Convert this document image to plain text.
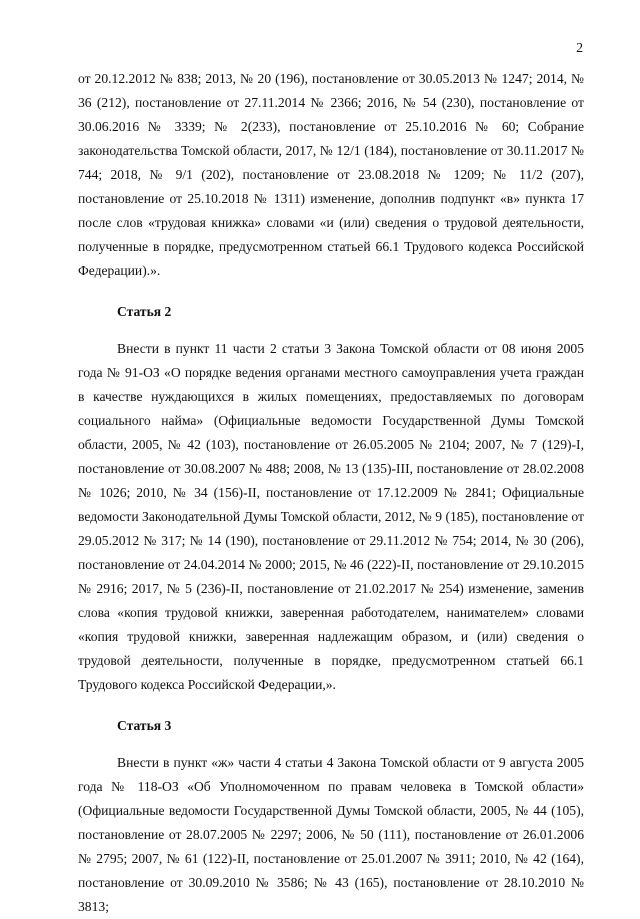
2

от 20.12.2012 № 838; 2013, № 20 (196), постановление от 30.05.2013 № 1247; 2014, № 36 (212), постановление от 27.11.2014 № 2366; 2016, № 54 (230), постановление от 30.06.2016 № 3339; № 2(233), постановление от 25.10.2016 № 60; Собрание законодательства Томской области, 2017, № 12/1 (184), постановление от 30.11.2017 № 744; 2018, № 9/1 (202), постановление от 23.08.2018 № 1209; № 11/2 (207), постановление от 25.10.2018 № 1311) изменение, дополнив подпункт «в» пункта 17 после слов «трудовая книжка» словами «и (или) сведения о трудовой деятельности, полученные в порядке, предусмотренном статьей 66.1 Трудового кодекса Российской Федерации).».

Статья 2

Внести в пункт 11 части 2 статьи 3 Закона Томской области от 08 июня 2005 года № 91-ОЗ «О порядке ведения органами местного самоуправления учета граждан в качестве нуждающихся в жилых помещениях, предоставляемых по договорам социального найма» (Официальные ведомости Государственной Думы Томской области, 2005, № 42 (103), постановление от 26.05.2005 № 2104; 2007, № 7 (129)-I, постановление от 30.08.2007 № 488; 2008, № 13 (135)-III, постановление от 28.02.2008 № 1026; 2010, № 34 (156)-II, постановление от 17.12.2009 № 2841; Официальные ведомости Законодательной Думы Томской области, 2012, № 9 (185), постановление от 29.05.2012 № 317; № 14 (190), постановление от 29.11.2012 № 754; 2014, № 30 (206), постановление от 24.04.2014 № 2000; 2015, № 46 (222)-II, постановление от 29.10.2015 № 2916; 2017, № 5 (236)-II, постановление от 21.02.2017 № 254) изменение, заменив слова «копия трудовой книжки, заверенная работодателем, нанимателем» словами «копия трудовой книжки, заверенная надлежащим образом, и (или) сведения о трудовой деятельности, полученные в порядке, предусмотренном статьей 66.1 Трудового кодекса Российской Федерации,».

Статья 3

Внести в пункт «ж» части 4 статьи 4 Закона Томской области от 9 августа 2005 года № 118-ОЗ «Об Уполномоченном по правам человека в Томской области» (Официальные ведомости Государственной Думы Томской области, 2005, № 44 (105), постановление от 28.07.2005 № 2297; 2006, № 50 (111), постановление от 26.01.2006 № 2795; 2007, № 61 (122)-II, постановление от 25.01.2007 № 3911; 2010, № 42 (164), постановление от 30.09.2010 № 3586; № 43 (165), постановление от 28.10.2010 № 3813;
